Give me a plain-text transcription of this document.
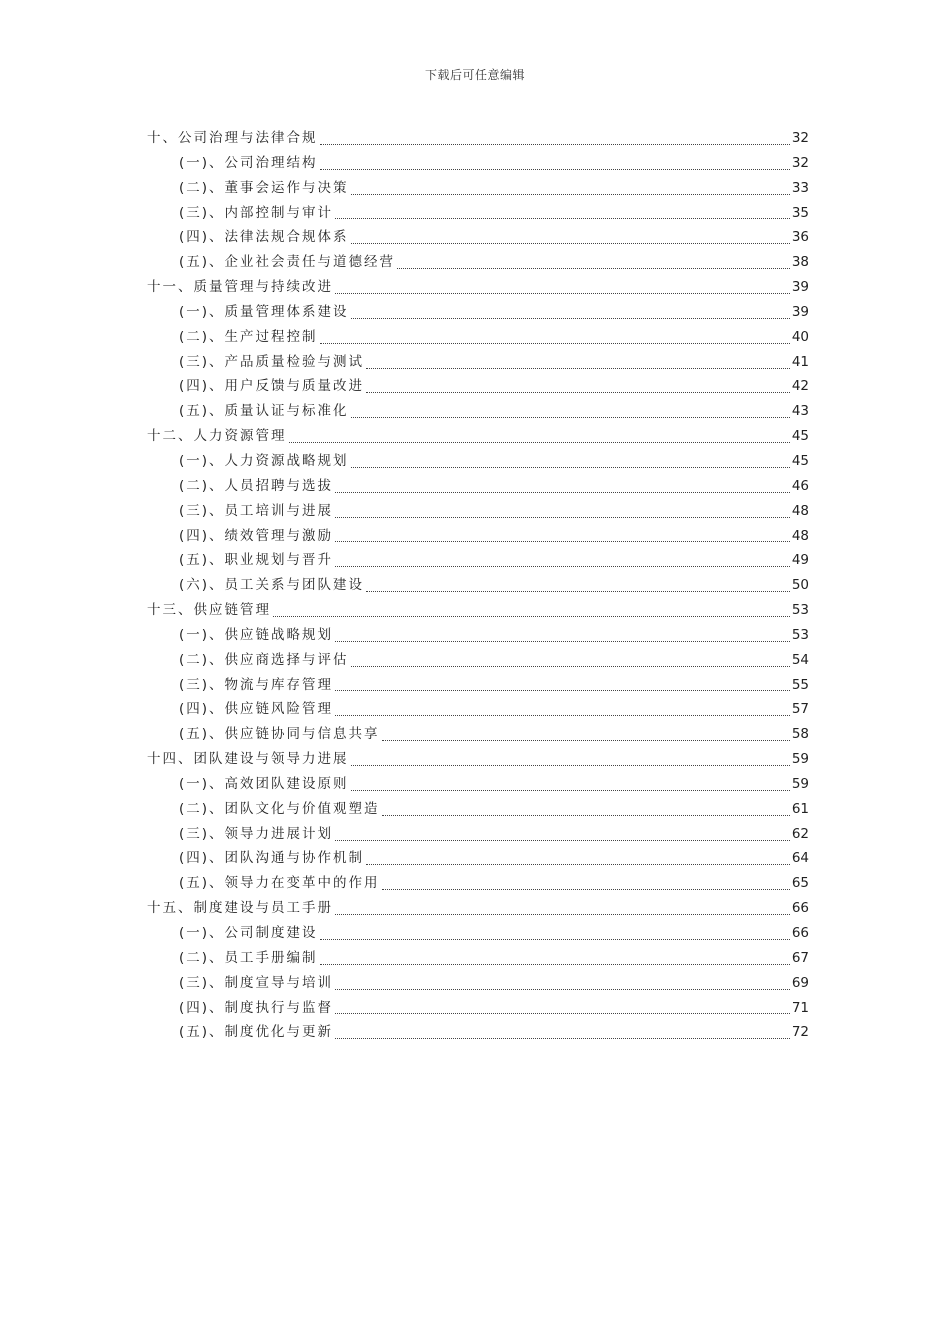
下载后可任意编辑
十、公司治理与法律合规	32
(一)、公司治理结构	32
(二)、董事会运作与决策	33
(三)、内部控制与审计	35
(四)、法律法规合规体系	36
(五)、企业社会责任与道德经营	38
十一、质量管理与持续改进	39
(一)、质量管理体系建设	39
(二)、生产过程控制	40
(三)、产品质量检验与测试	41
(四)、用户反馈与质量改进	42
(五)、质量认证与标准化	43
十二、人力资源管理	45
(一)、人力资源战略规划	45
(二)、人员招聘与选拔	46
(三)、员工培训与进展	48
(四)、绩效管理与激励	48
(五)、职业规划与晋升	49
(六)、员工关系与团队建设	50
十三、供应链管理	53
(一)、供应链战略规划	53
(二)、供应商选择与评估	54
(三)、物流与库存管理	55
(四)、供应链风险管理	57
(五)、供应链协同与信息共享	58
十四、团队建设与领导力进展	59
(一)、高效团队建设原则	59
(二)、团队文化与价值观塑造	61
(三)、领导力进展计划	62
(四)、团队沟通与协作机制	64
(五)、领导力在变革中的作用	65
十五、制度建设与员工手册	66
(一)、公司制度建设	66
(二)、员工手册编制	67
(三)、制度宣导与培训	69
(四)、制度执行与监督	71
(五)、制度优化与更新	72
